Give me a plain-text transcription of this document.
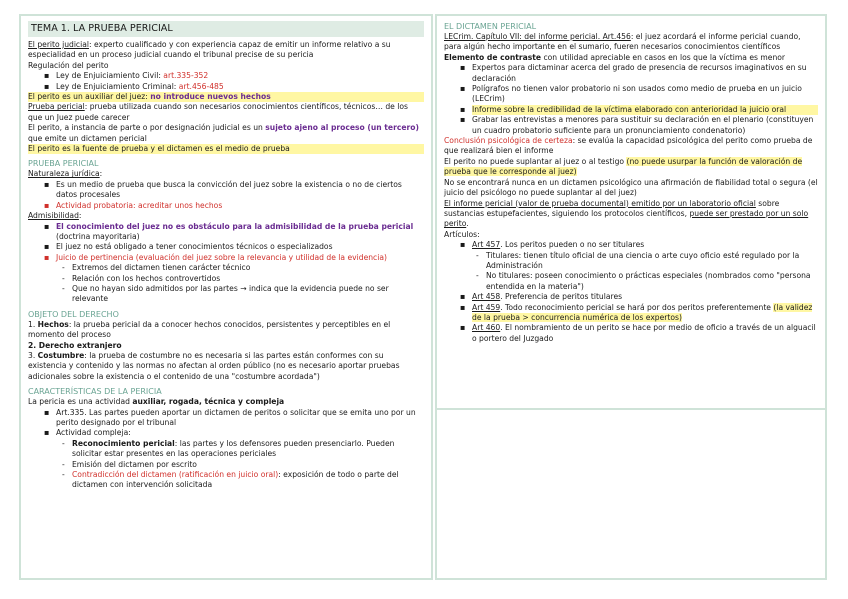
TEMA 1. LA PRUEBA PERICIAL

El perito judicial: experto cualificado y con experiencia capaz de emitir un informe relativo a su especialidad en un proceso judicial cuando el tribunal precise de su pericia

Regulación del perito

▪ Ley de Enjuiciamiento Civil: art.335-352
▪ Ley de Enjuiciamiento Criminal: art.456-485

El perito es un auxiliar del juez: no introduce nuevos hechos

Prueba pericial: prueba utilizada cuando son necesarios conocimientos científicos, técnicos… de los que un Juez puede carecer

El perito, a instancia de parte o por designación judicial es un sujeto ajeno al proceso (un tercero) que emite un dictamen pericial

El perito es la fuente de prueba y el dictamen es el medio de prueba

PRUEBA PERICIAL

Naturaleza jurídica:

▪ Es un medio de prueba que busca la convicción del juez sobre la existencia o no de ciertos datos procesales
▪ Actividad probatoria: acreditar unos hechos

Admisibilidad:

▪ El conocimiento del juez no es obstáculo para la admisibilidad de la prueba pericial (doctrina mayoritaria)
▪ El juez no está obligado a tener conocimientos técnicos o especializados
▪ Juicio de pertinencia (evaluación del juez sobre la relevancia y utilidad de la evidencia)
- Extremos del dictamen tienen carácter técnico
- Relación con los hechos controvertidos
- Que no hayan sido admitidos por las partes → indica que la evidencia puede no ser relevante
OBJETO DEL DERECHO

1. Hechos: la prueba pericial da a conocer hechos conocidos, persistentes y perceptibles en el momento del proceso

2. Derecho extranjero

3. Costumbre: la prueba de costumbre no es necesaria si las partes están conformes con su existencia y contenido y las normas no afectan al orden público (no es necesario aportar pruebas adicionales sobre la existencia o el contenido de una "costumbre acordada")

CARACTERÍSTICAS DE LA PERICIA

La pericia es una actividad auxiliar, rogada, técnica y compleja

▪ Art.335. Las partes pueden aportar un dictamen de peritos o solicitar que se emita uno por un perito designado por el tribunal
▪ Actividad compleja:
- Reconocimiento pericial: las partes y los defensores pueden presenciarlo. Pueden solicitar estar presentes en las operaciones periciales
- Emisión del dictamen por escrito
- Contradicción del dictamen (ratificación en juicio oral): exposición de todo o parte del dictamen con intervención solicitada
EL DICTAMEN PERICIAL

LECrim. Capítulo VII: del informe pericial. Art.456: el juez acordará el informe pericial cuando, para algún hecho importante en el sumario, fueren necesarios conocimientos científicos

Elemento de contraste con utilidad apreciable en casos en los que la víctima es menor

▪ Expertos para dictaminar acerca del grado de presencia de recursos imaginativos en su declaración
▪ Polígrafos no tienen valor probatorio ni son usados como medio de prueba en un juicio (LECrim)
▪ Informe sobre la credibilidad de la víctima elaborado con anterioridad la juicio oral
▪ Grabar las entrevistas a menores para sustituir su declaración en el plenario (constituyen un cuadro probatorio suficiente para un pronunciamiento condenatorio)

Conclusión psicológica de certeza: se evalúa la capacidad psicológica del perito como prueba de que realizará bien el informe

El perito no puede suplantar al juez o al testigo (no puede usurpar la función de valoración de prueba que le corresponde al juez)

No se encontrará nunca en un dictamen psicológico una afirmación de fiabilidad total o segura (el juicio del psicólogo no puede suplantar al del juez)

El informe pericial (valor de prueba documental) emitido por un laboratorio oficial sobre sustancias estupefacientes, siguiendo los protocolos científicos, puede ser prestado por un solo perito.

Artículos:

▪ Art 457. Los peritos pueden o no ser titulares
- Titulares: tienen título oficial de una ciencia o arte cuyo oficio esté regulado por la Administración
- No titulares: poseen conocimiento o prácticas especiales (nombrados como "persona entendida en la materia")
▪ Art 458. Preferencia de peritos titulares
▪ Art 459. Todo reconocimiento pericial se hará por dos peritos preferentemente (la validez de la prueba > concurrencia numérica de los expertos)
▪ Art 460. El nombramiento de un perito se hace por medio de oficio a través de un alguacil o portero del Juzgado
